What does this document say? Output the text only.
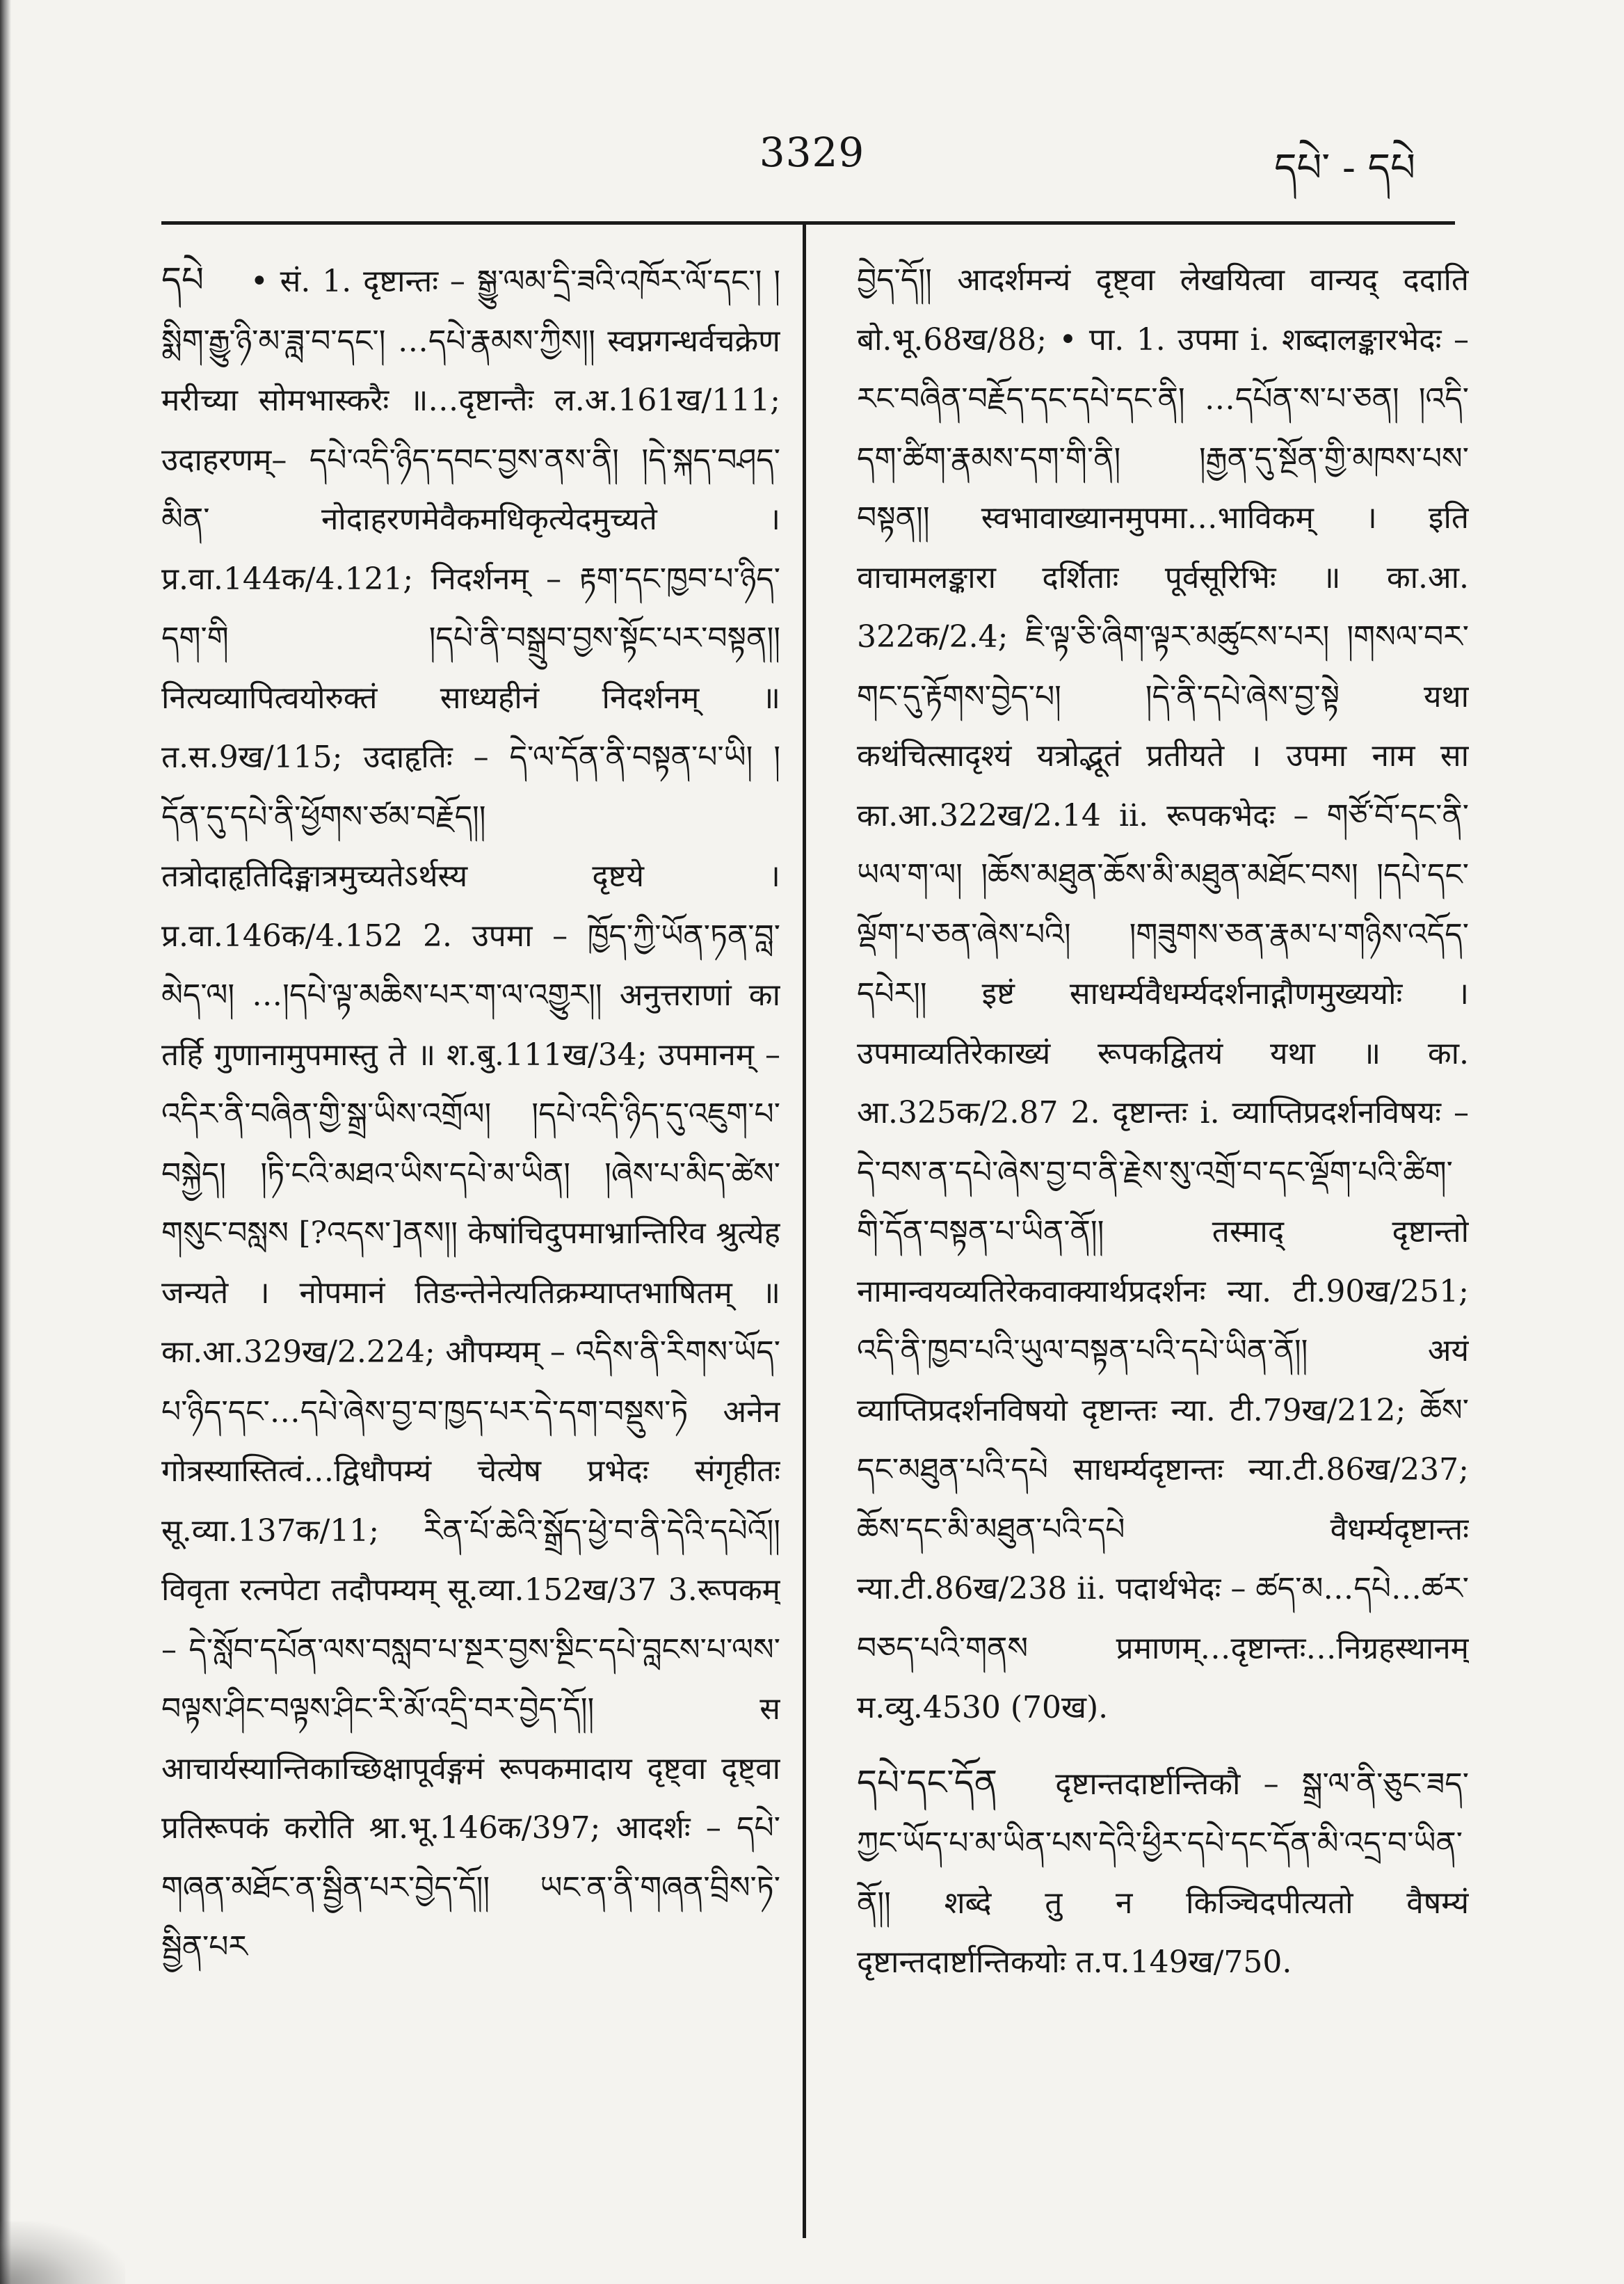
3329	དཔེ་ - དཔེ

དཔེ  • सं. 1. दृष्टान्तः – སྒྱུ་ལམ་དྲི་ཟའི་འཁོར་ལོ་དང་། །སྨིག་རྒྱུ་ཉི་མ་ཟླ་བ་དང་། …དཔེ་རྣམས་ཀྱིས།། स्वप्नगन्धर्वचक्रेण मरीच्या सोमभास्करैः ॥…दृष्टान्तैः ल.अ.161ख/111; उदाहरणम्– དཔེ་འདི་ཉིད་དབང་བྱས་ནས་ནི། །དེ་སྐད་བཤད་མིན་ नोदाहरणमेवैकमधिकृत्येदमुच्यते । प्र.वा.144क/4.121; निदर्शनम् – རྟག་དང་ཁྱབ་པ་ཉིད་དག་གི །དཔེ་ནི་བསྒྲུབ་བྱས་སྟོང་པར་བསྟན།། नित्यव्यापित्वयोरुक्तं साध्यहीनं निदर्शनम् ॥ त.स.9ख/115; उदाहृतिः – དེ་ལ་དོན་ནི་བསྟན་པ་ཡི། །དོན་དུ་དཔེ་ནི་ཕྱོགས་ཙམ་བརྗོད།། तत्रोदाहृतिदिङ्मात्रमुच्यतेऽर्थस्य दृष्टये । प्र.वा.146क/4.152 2. उपमा – ཁྱོད་ཀྱི་ཡོན་ཏན་བླ་མེད་ལ། …།དཔེ་ལྟ་མཆིས་པར་ག་ལ་འགྱུར།། अनुत्तराणां का तर्हि गुणानामुपमास्तु ते ॥ श.बु.111ख/34; उपमानम् – འདིར་ནི་བཞིན་གྱི་སྒྲ་ཡིས་འགྲོལ། །དཔེ་འདི་ཉིད་དུ་འཇུག་པ་བསྐྱེད། །ཏི་ངའི་མཐའ་ཡིས་དཔེ་མ་ཡིན། །ཞེས་པ་མིད་ཚེས་གསུང་བསླས [?འདས་]ནས།། केषांचिदुपमाभ्रान्तिरिव श्रुत्येह जन्यते । नोपमानं तिङन्तेनेत्यतिक्रम्याप्तभाषितम् ॥ का.आ.329ख/2.224; औपम्यम् – འདིས་ནི་རིགས་ཡོད་པ་ཉིད་དང་…དཔེ་ཞེས་བྱ་བ་ཁྱད་པར་དེ་དག་བསྡུས་ཏེ अनेन गोत्रस्यास्तित्वं…द्विधौपम्यं चेत्येष प्रभेदः संगृहीतः सू.व्या.137क/11; རིན་པོ་ཆེའི་སྒྲོད་ཕྱེ་བ་ནི་དེའི་དཔེའོ།། विवृता रत्नपेटा तदौपम्यम् सू.व्या.152ख/37 3.रूपकम् – དེ་སློབ་དཔོན་ལས་བསླབ་པ་སྔར་བྱས་སྔིང་དཔེ་བླངས་པ་ལས་བལྟས་ཤིང་བལྟས་ཤིང་རི་མོ་འདྲི་བར་བྱེད་དོ།། स आचार्यस्यान्तिकाच्छिक्षापूर्वङ्गमं रूपकमादाय दृष्ट्वा दृष्ट्वा प्रतिरूपकं करोति श्रा.भू.146क/397; आदर्शः – དཔེ་གཞན་མཐོང་ན་སྦྱིན་པར་བྱེད་དོ།། ཡང་ན་ནི་གཞན་བྲིས་ཏེ་སྦྱིན་པར

བྱེད་དོ།། आदर्शमन्यं दृष्ट्वा लेखयित्वा वान्यद् ददाति बो.भू.68ख/88; • पा. 1. उपमा i. शब्दालङ्कारभेदः – རང་བཞིན་བརྗོད་དང་དཔེ་དང་ནི། …དཔོན་ས་པ་ཅན། །འདི་དག་ཚིག་རྣམས་དག་གི་ནི། །རྒྱན་དུ་སྔོན་གྱི་མཁས་པས་བསྟན།། स्वभावाख्यानमुपमा…भाविकम् । इति वाचामलङ्कारा दर्शिताः पूर्वसूरिभिः ॥ का.आ. 322क/2.4; ཇི་ལྟ་ཅི་ཞིག་ལྟར་མཚུངས་པར། །གསལ་བར་གང་དུ་རྟོགས་བྱེད་པ། །དེ་ནི་དཔེ་ཞེས་བྱ་སྟེ यथा कथंचित्सादृश्यं यत्रोद्भूतं प्रतीयते । उपमा नाम सा का.आ.322ख/2.14 ii. रूपकभेदः – གཙོ་བོ་དང་ནི་ཡལ་ག་ལ། །ཆོས་མཐུན་ཆོས་མི་མཐུན་མཐོང་བས། །དཔེ་དང་ལྡོག་པ་ཅན་ཞེས་པའི། །གཟུགས་ཅན་རྣམ་པ་གཉིས་འདོད་དཔེར།། इष्टं साधर्म्यवैधर्म्यदर्शनाद्गौणमुख्ययोः । उपमाव्यतिरेकाख्यं रूपकद्वितयं यथा ॥ का. आ.325क/2.87 2. दृष्टान्तः i. व्याप्तिप्रदर्शनविषयः – དེ་བས་ན་དཔེ་ཞེས་བྱ་བ་ནི་རྗེས་སུ་འགྲོ་བ་དང་ལྡོག་པའི་ཚིག་གི་དོན་བསྟན་པ་ཡིན་ནོ།། तस्माद् दृष्टान्तो नामान्वयव्यतिरेकवाक्यार्थप्रदर्शनः न्या. टी.90ख/251; འདི་ནི་ཁྱབ་པའི་ཡུལ་བསྟན་པའི་དཔེ་ཡིན་ནོ།། अयं व्याप्तिप्रदर्शनविषयो दृष्टान्तः न्या. टी.79ख/212; ཆོས་དང་མཐུན་པའི་དཔེ साधर्म्यदृष्टान्तः न्या.टी.86ख/237; ཆོས་དང་མི་མཐུན་པའི་དཔེ वैधर्म्यदृष्टान्तः न्या.टी.86ख/238 ii. पदार्थभेदः – ཚད་མ…དཔེ…ཚར་བཅད་པའི་གནས प्रमाणम्…दृष्टान्तः…निग्रहस्थानम् म.व्यु.4530 (70ख).

དཔེ་དང་དོན  दृष्टान्तदार्ष्टान्तिकौ – སྒྲ་ལ་ནི་ཅུང་ཟད་ཀྱང་ཡོད་པ་མ་ཡིན་པས་དེའི་ཕྱིར་དཔེ་དང་དོན་མི་འདྲ་བ་ཡིན་ནོ།། शब्दे तु न किञ्चिदपीत्यतो वैषम्यं दृष्टान्तदार्ष्टान्तिकयोः त.प.149ख/750.
